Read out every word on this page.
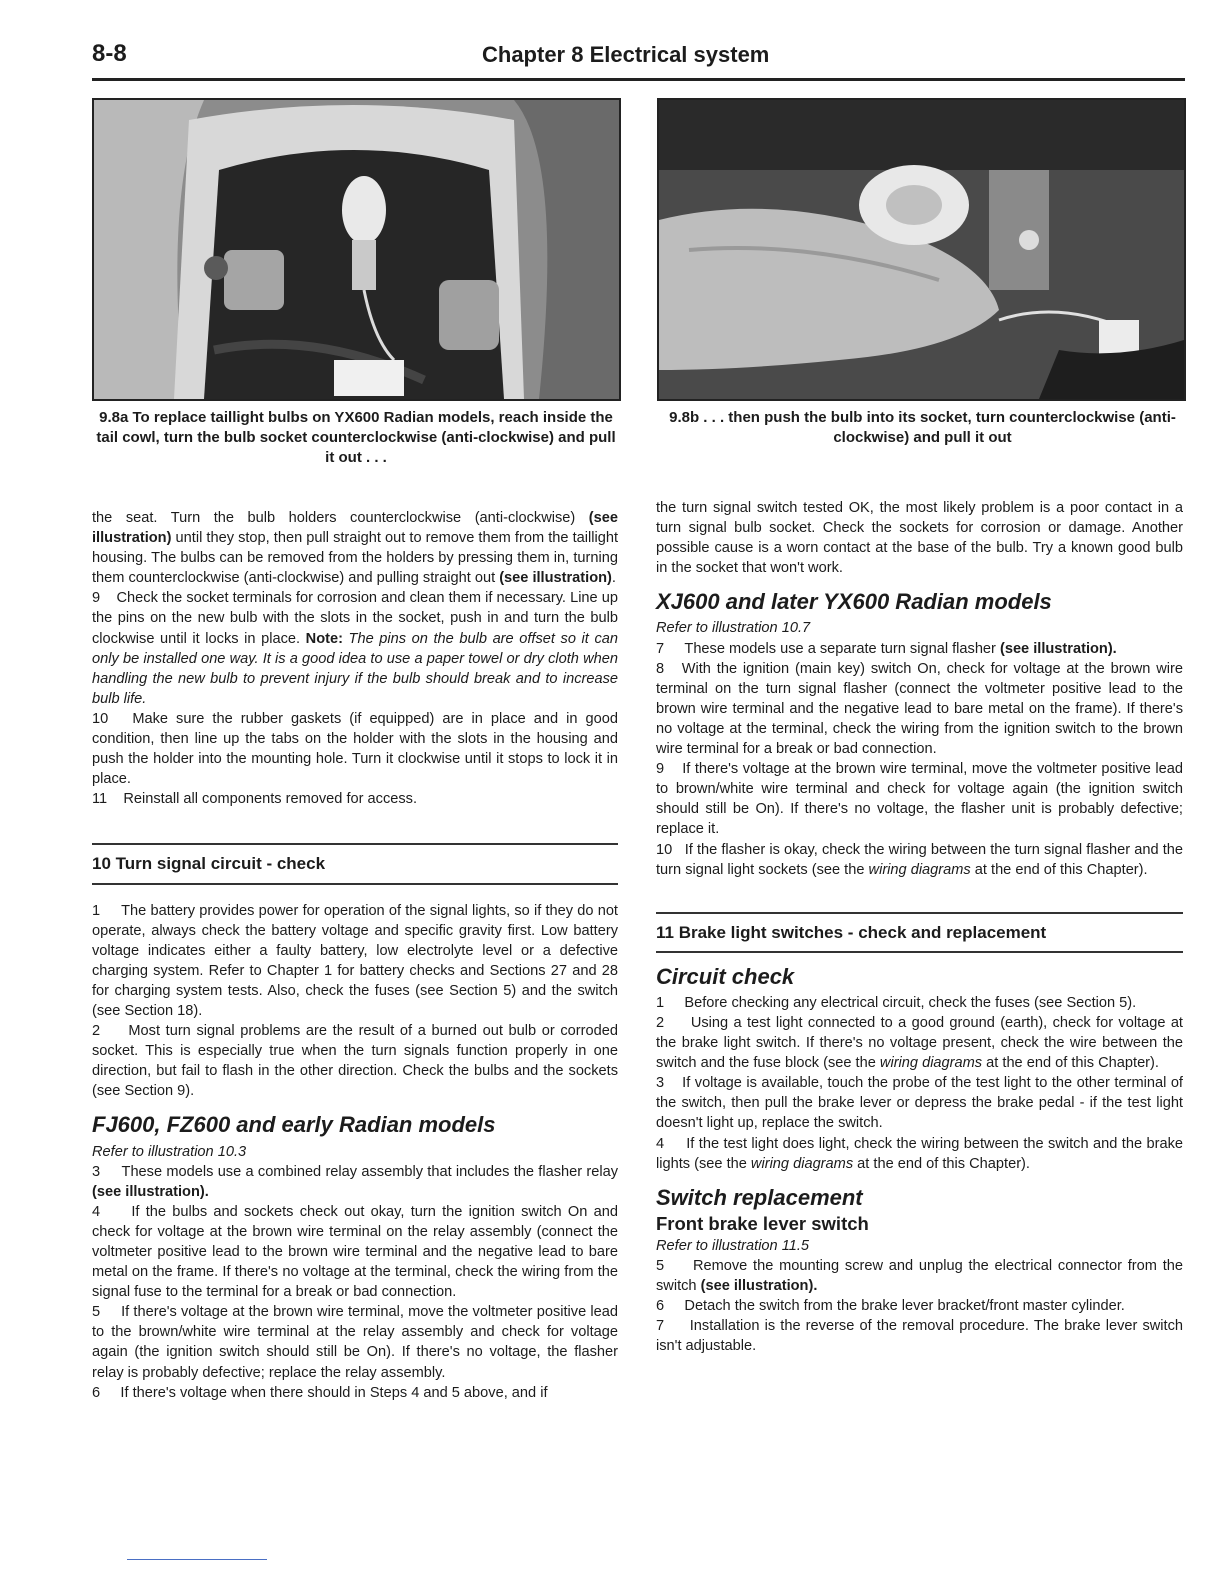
8-8	Chapter 8 Electrical system
9.8a To replace taillight bulbs on YX600 Radian models, reach inside the tail cowl, turn the bulb socket counterclockwise (anti-clockwise) and pull it out . . .
9.8b . . . then push the bulb into its socket, turn counterclockwise (anti-clockwise) and pull it out

the seat. Turn the bulb holders counterclockwise (anti-clockwise) (see illustration) until they stop, then pull straight out to remove them from the taillight housing. The bulbs can be removed from the holders by pressing them in, turning them counterclockwise (anti-clockwise) and pulling straight out (see illustration).

9 Check the socket terminals for corrosion and clean them if necessary. Line up the pins on the new bulb with the slots in the socket, push in and turn the bulb clockwise until it locks in place. Note: The pins on the bulb are offset so it can only be installed one way. It is a good idea to use a paper towel or dry cloth when handling the new bulb to prevent injury if the bulb should break and to increase bulb life.

10 Make sure the rubber gaskets (if equipped) are in place and in good condition, then line up the tabs on the holder with the slots in the housing and push the holder into the mounting hole. Turn it clockwise until it stops to lock it in place.

11 Reinstall all components removed for access.

10 Turn signal circuit - check

1 The battery provides power for operation of the signal lights, so if they do not operate, always check the battery voltage and specific gravity first. Low battery voltage indicates either a faulty battery, low electrolyte level or a defective charging system. Refer to Chapter 1 for battery checks and Sections 27 and 28 for charging system tests. Also, check the fuses (see Section 5) and the switch (see Section 18).

2 Most turn signal problems are the result of a burned out bulb or corroded socket. This is especially true when the turn signals function properly in one direction, but fail to flash in the other direction. Check the bulbs and the sockets (see Section 9).

FJ600, FZ600 and early Radian models

Refer to illustration 10.3

3 These models use a combined relay assembly that includes the flasher relay (see illustration).

4 If the bulbs and sockets check out okay, turn the ignition switch On and check for voltage at the brown wire terminal on the relay assembly (connect the voltmeter positive lead to the brown wire terminal and the negative lead to bare metal on the frame. If there's no voltage at the terminal, check the wiring from the signal fuse to the terminal for a break or bad connection.

5 If there's voltage at the brown wire terminal, move the voltmeter positive lead to the brown/white wire terminal at the relay assembly and check for voltage again (the ignition switch should still be On). If there's no voltage, the flasher relay is probably defective; replace the relay assembly.

6 If there's voltage when there should in Steps 4 and 5 above, and if

the turn signal switch tested OK, the most likely problem is a poor contact in a turn signal bulb socket. Check the sockets for corrosion or damage. Another possible cause is a worn contact at the base of the bulb. Try a known good bulb in the socket that won't work.

XJ600 and later YX600 Radian models

Refer to illustration 10.7

7 These models use a separate turn signal flasher (see illustration).

8 With the ignition (main key) switch On, check for voltage at the brown wire terminal on the turn signal flasher (connect the voltmeter positive lead to the brown wire terminal and the negative lead to bare metal on the frame). If there's no voltage at the terminal, check the wiring from the ignition switch to the brown wire terminal for a break or bad connection.

9 If there's voltage at the brown wire terminal, move the voltmeter positive lead to brown/white wire terminal and check for voltage again (the ignition switch should still be On). If there's no voltage, the flasher unit is probably defective; replace it.

10 If the flasher is okay, check the wiring between the turn signal flasher and the turn signal light sockets (see the wiring diagrams at the end of this Chapter).

11 Brake light switches - check and replacement
Circuit check

1 Before checking any electrical circuit, check the fuses (see Section 5).

2 Using a test light connected to a good ground (earth), check for voltage at the brake light switch. If there's no voltage present, check the wire between the switch and the fuse block (see the wiring diagrams at the end of this Chapter).

3 If voltage is available, touch the probe of the test light to the other terminal of the switch, then pull the brake lever or depress the brake pedal - if the test light doesn't light up, replace the switch.

4 If the test light does light, check the wiring between the switch and the brake lights (see the wiring diagrams at the end of this Chapter).

Switch replacement
Front brake lever switch

Refer to illustration 11.5

5 Remove the mounting screw and unplug the electrical connector from the switch (see illustration).

6 Detach the switch from the brake lever bracket/front master cylinder.

7 Installation is the reverse of the removal procedure. The brake lever switch isn't adjustable.
